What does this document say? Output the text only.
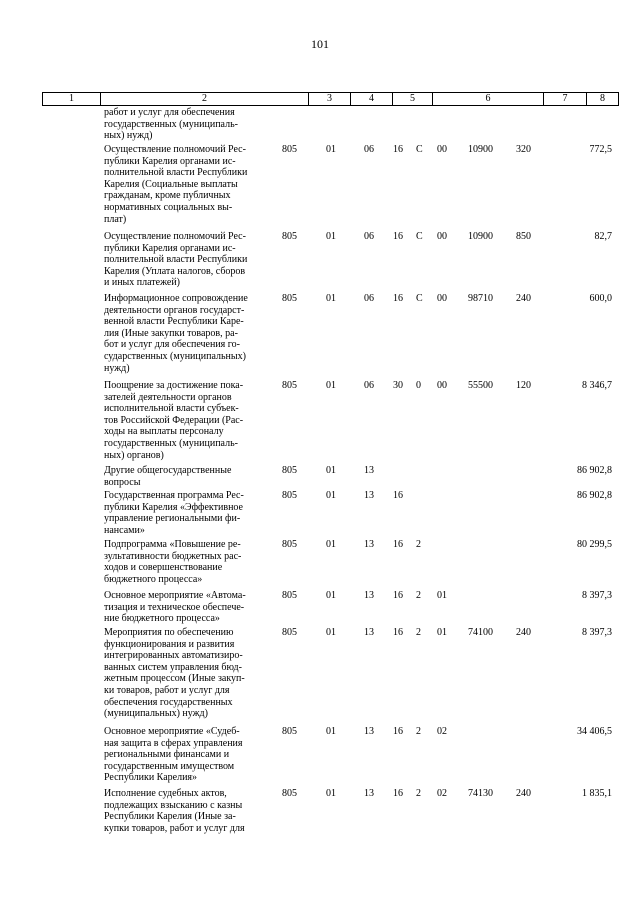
101
1	2	3	4	5	6	7	8
работ и услуг для обеспечения
государственных (муниципаль-
ных) нужд)
Осуществление полномочий Рес-
публики Карелия органами ис-
полнительной власти Республики
Карелия (Социальные выплаты
гражданам, кроме публичных
нормативных социальных вы-
плат)
805	01	06 16 С 00 10900 320	772,5
Осуществление полномочий Рес-
публики Карелия органами ис-
полнительной власти Республики
Карелия (Уплата налогов, сборов
и иных платежей)
805	01	06 16 С 00 10900 850	82,7
Информационное сопровождение
деятельности органов государст-
венной власти Республики Каре-
лия (Иные закупки товаров, ра-
бот и услуг для обеспечения го-
сударственных (муниципальных)
нужд)
805	01	06 16 С 00 98710 240	600,0
Поощрение за достижение пока-
зателей деятельности органов
исполнительной власти субъек-
тов Российской Федерации (Рас-
ходы на выплаты персоналу
государственных (муниципаль-
ных) органов)
805	01	06 30 0 00 55500 120	8 346,7
Другие общегосударственные
вопросы
805	01	13	86 902,8
Государственная программа Рес-
публики Карелия «Эффективное
управление региональными фи-
нансами»
805	01	13 16	86 902,8
Подпрограмма «Повышение ре-
зультативности бюджетных рас-
ходов и совершенствование
бюджетного процесса»
805	01	13 16 2	80 299,5
Основное мероприятие «Автома-
тизация и техническое обеспече-
ние бюджетного процесса»
805	01	13 16 2 01	8 397,3
Мероприятия по обеспечению
функционирования и развития
интегрированных автоматизиро-
ванных систем управления бюд-
жетным процессом (Иные закуп-
ки товаров, работ и услуг для
обеспечения государственных
(муниципальных) нужд)
805	01	13 16 2 01 74100 240	8 397,3
Основное мероприятие «Судеб-
ная защита в сферах управления
региональными финансами и
государственным имуществом
Республики Карелия»
805	01	13 16 2 02	34 406,5
Исполнение судебных актов,
подлежащих взысканию с казны
Республики Карелия (Иные за-
купки товаров, работ и услуг для
805	01	13 16 2 02 74130 240	1 835,1
